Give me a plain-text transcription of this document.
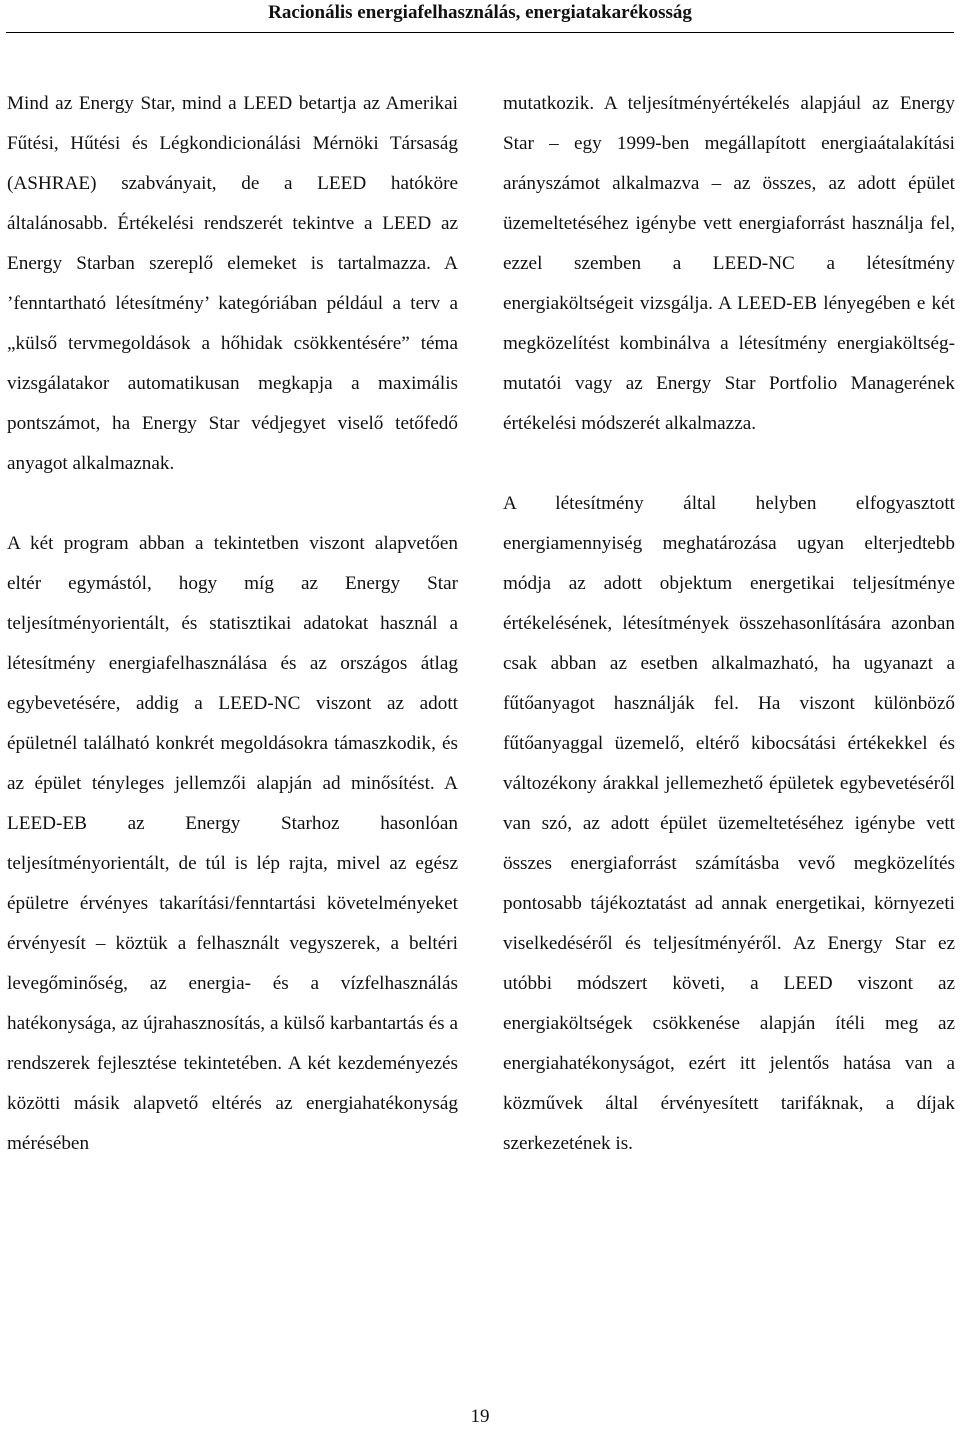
Racionális energiafelhasználás, energiatakarékosság

Mind az Energy Star, mind a LEED betartja az Amerikai Fűtési, Hűtési és Légkondicionálási Mérnöki Társaság (ASHRAE) szabványait, de a LEED hatóköre általánosabb. Értékelési rendszerét tekintve a LEED az Energy Starban szereplő elemeket is tartalmazza. A ’fenntartható létesítmény’ kategóriában például a terv a „külső tervmegoldások a hőhidak csökkentésére” téma vizsgálatakor automatikusan megkapja a maximális pontszámot, ha Energy Star védjegyet viselő tetőfedő anyagot alkalmaznak.

A két program abban a tekintetben viszont alapvetően eltér egymástól, hogy míg az Energy Star teljesítményorientált, és statisztikai adatokat használ a létesítmény energiafelhasználása és az országos átlag egybevetésére, addig a LEED-NC viszont az adott épületnél található konkrét megoldásokra támaszkodik, és az épület tényleges jellemzői alapján ad minősítést. A LEED-EB az Energy Starhoz hasonlóan teljesítményorientált, de túl is lép rajta, mivel az egész épületre érvényes takarítási/fenntartási követelményeket érvényesít – köztük a felhasznált vegyszerek, a beltéri levegőminőség, az energia- és a vízfelhasználás hatékonysága, az újrahasznosítás, a külső karbantartás és a rendszerek fejlesztése tekintetében. A két kezdeményezés közötti másik alapvető eltérés az energiahatékonyság mérésében

mutatkozik. A teljesítményértékelés alapjául az Energy Star – egy 1999-ben megállapított energiaátalakítási arányszámot alkalmazva – az összes, az adott épület üzemeltetéséhez igénybe vett energiaforrást használja fel, ezzel szemben a LEED-NC a létesítmény energiaköltségeit vizsgálja. A LEED-EB lényegében e két megközelítést kombinálva a létesítmény energiaköltség-mutatói vagy az Energy Star Portfolio Managerének értékelési módszerét alkalmazza.

A létesítmény által helyben elfogyasztott energiamennyiség meghatározása ugyan elterjedtebb módja az adott objektum energetikai teljesítménye értékelésének, létesítmények összehasonlítására azonban csak abban az esetben alkalmazható, ha ugyanazt a fűtőanyagot használják fel. Ha viszont különböző fűtőanyaggal üzemelő, eltérő kibocsátási értékekkel és változékony árakkal jellemezhető épületek egybevetéséről van szó, az adott épület üzemeltetéséhez igénybe vett összes energiaforrást számításba vevő megközelítés pontosabb tájékoztatást ad annak energetikai, környezeti viselkedéséről és teljesítményéről. Az Energy Star ez utóbbi módszert követi, a LEED viszont az energiaköltségek csökkenése alapján ítéli meg az energiahatékonyságot, ezért itt jelentős hatása van a közművek által érvényesített tarifáknak, a díjak szerkezetének is.

19
